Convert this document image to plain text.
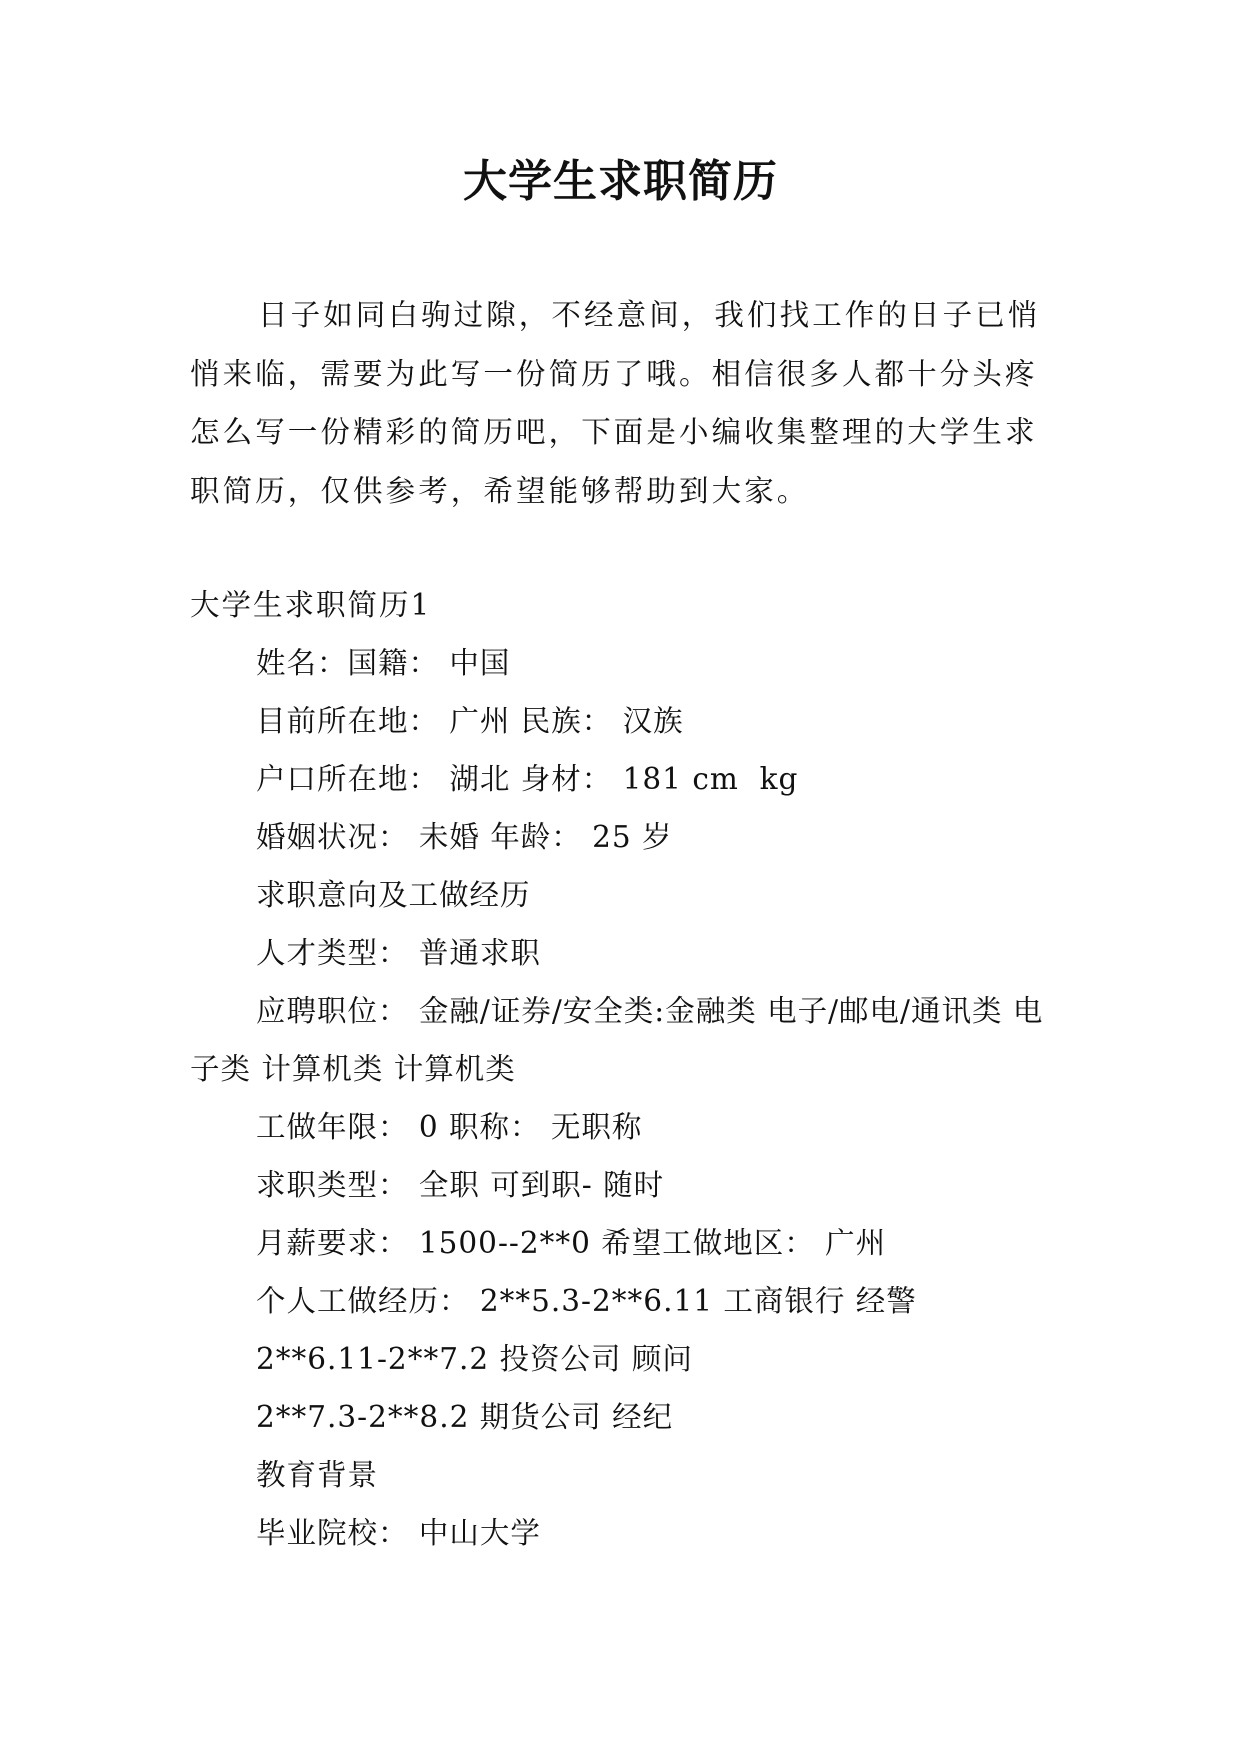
大学生求职简历

日子如同白驹过隙，不经意间，我们找工作的日子已悄悄来临，需要为此写一份简历了哦。相信很多人都十分头疼怎么写一份精彩的简历吧，下面是小编收集整理的大学生求职简历，仅供参考，希望能够帮助到大家。

大学生求职简历1

姓名：国籍： 中国

目前所在地： 广州 民族： 汉族

户口所在地： 湖北 身材： 181 cm  kg

婚姻状况： 未婚 年龄： 25 岁

求职意向及工做经历

人才类型： 普通求职

应聘职位： 金融/证券/安全类:金融类 电子/邮电/通讯类 电子类 计算机类 计算机类

工做年限： 0 职称： 无职称

求职类型： 全职 可到职- 随时

月薪要求： 1500--2**0 希望工做地区： 广州

个人工做经历： 2**5.3-2**6.11 工商银行 经警

2**6.11-2**7.2 投资公司 顾问

2**7.3-2**8.2 期货公司 经纪

教育背景

毕业院校： 中山大学
